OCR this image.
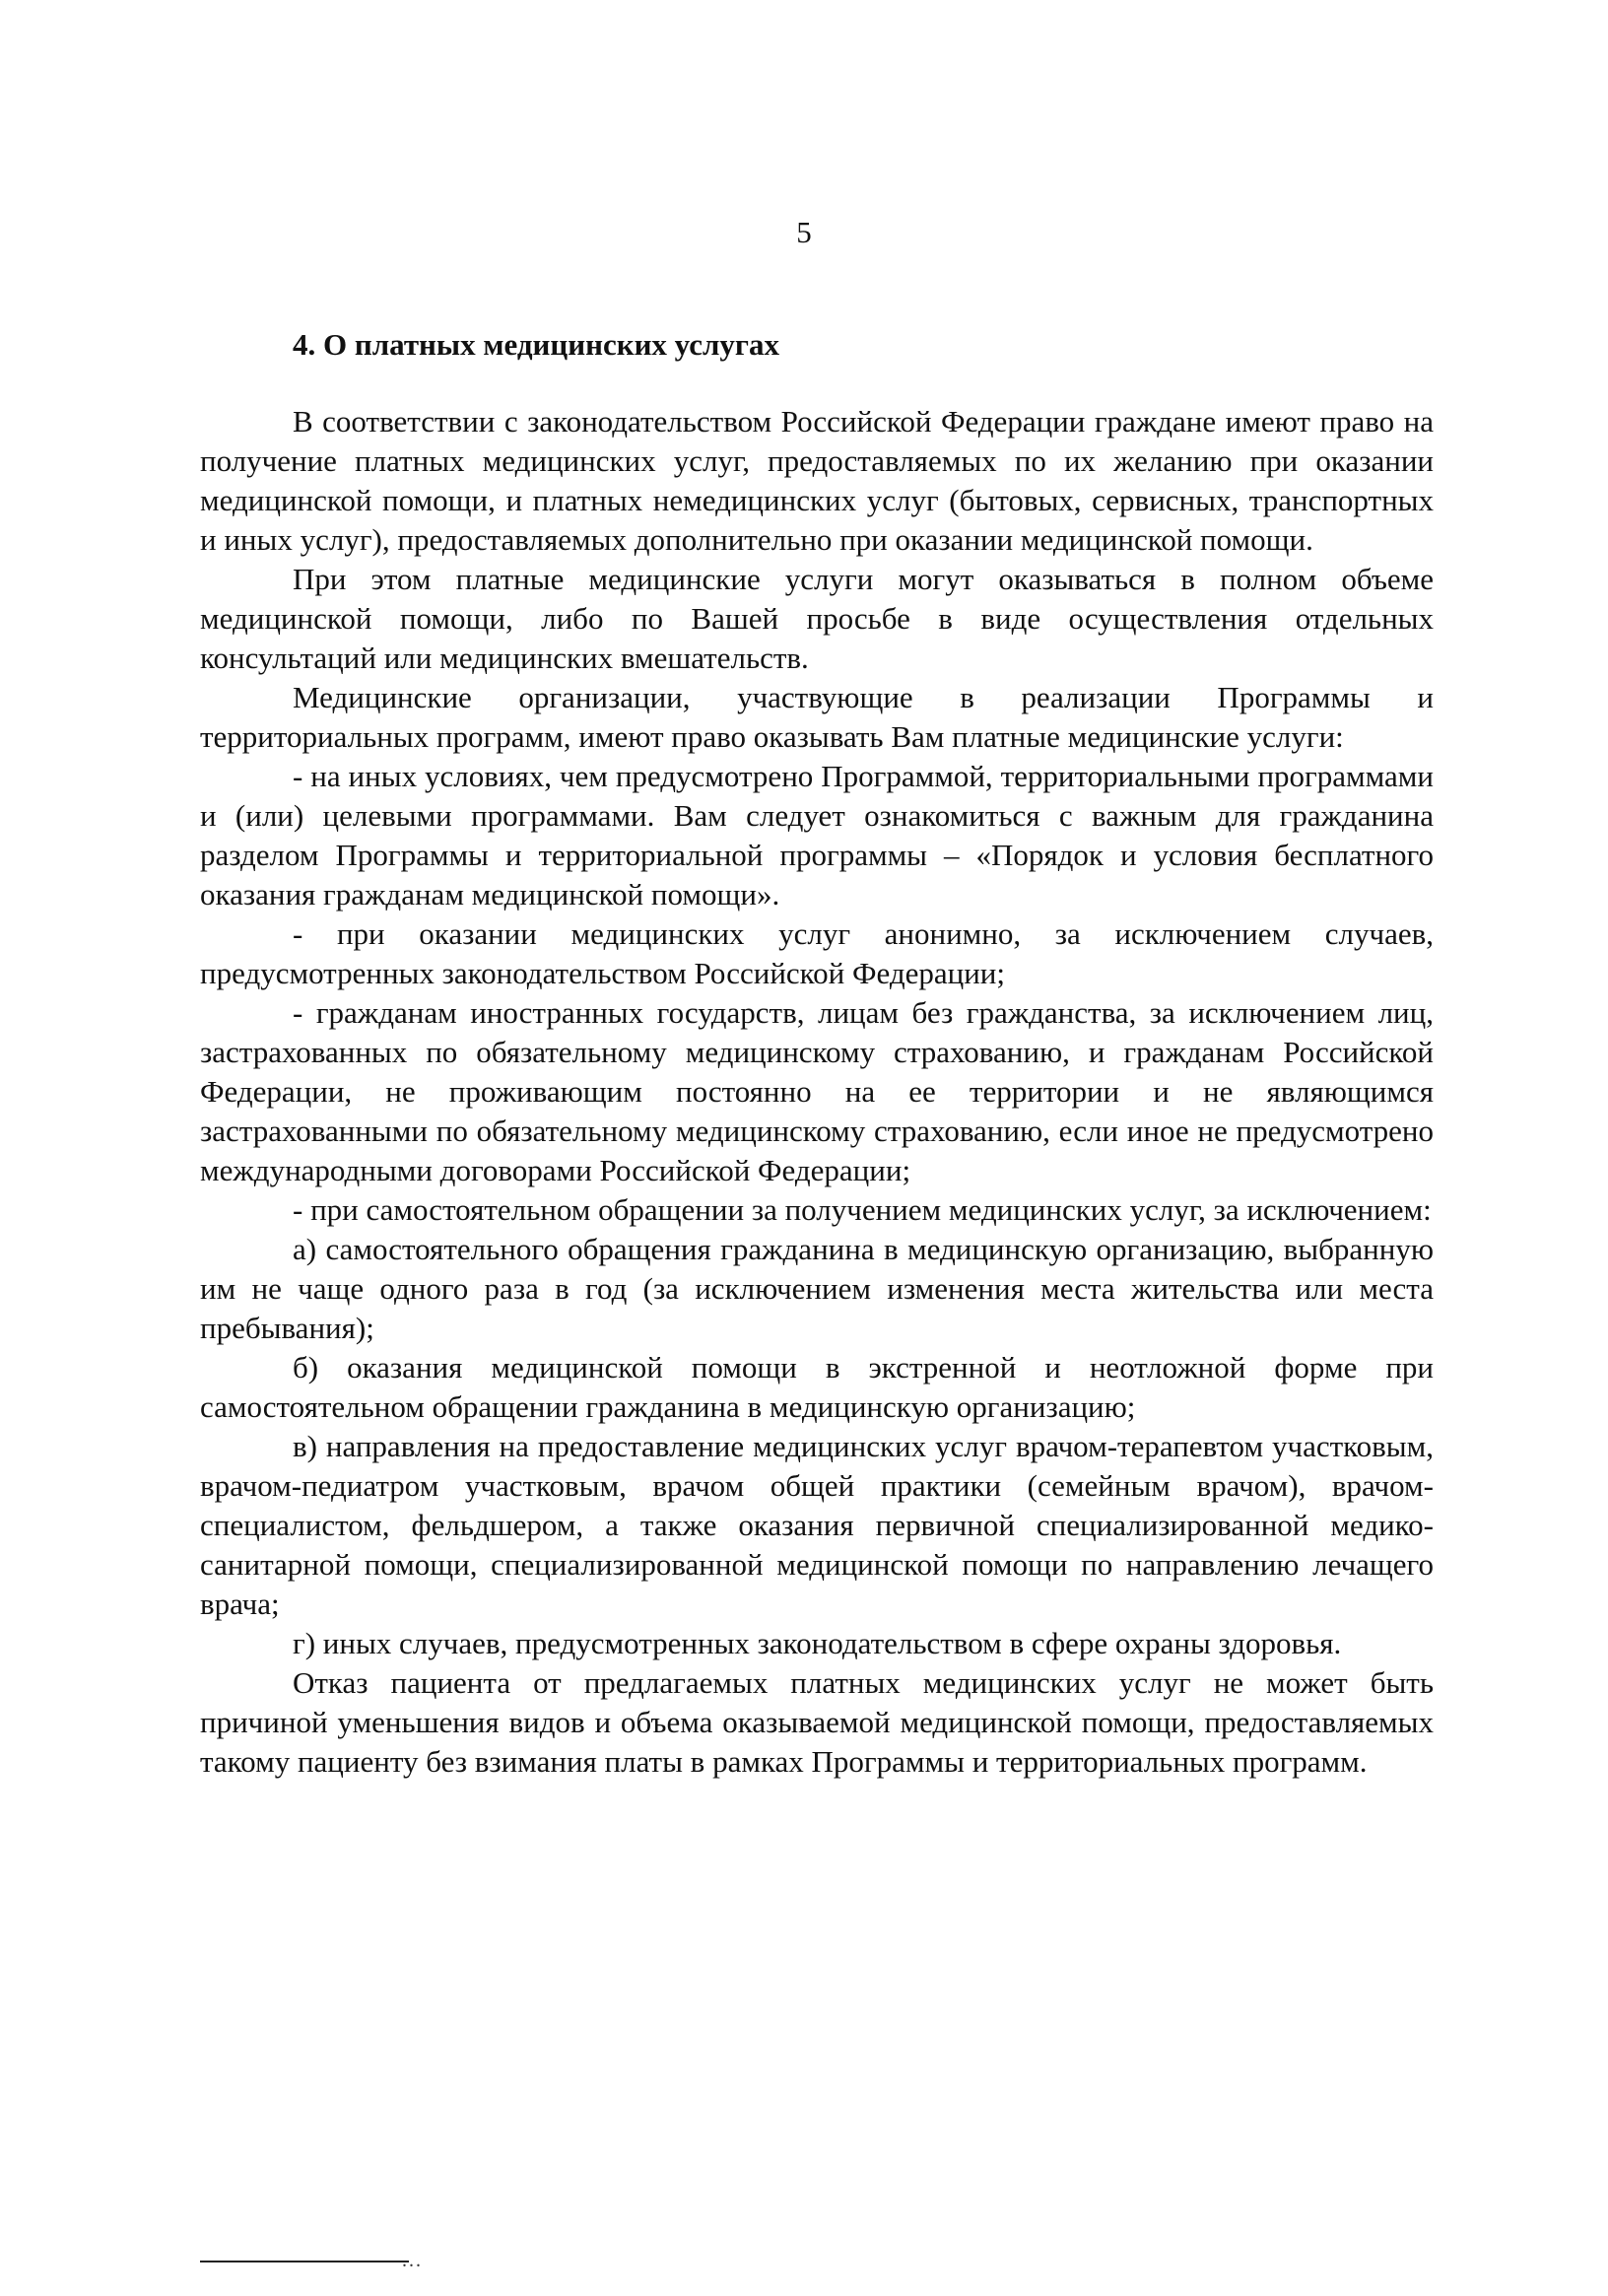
5

4. О платных медицинских услугах

В соответствии с законодательством Российской Федерации граждане имеют право на получение платных медицинских услуг, предоставляемых по их желанию при оказании медицинской помощи, и платных немедицинских услуг (бытовых, сервисных, транспортных и иных услуг), предоставляемых дополнительно при оказании медицинской помощи.

При этом платные медицинские услуги могут оказываться в полном объеме медицинской помощи, либо по Вашей просьбе в виде осуществления отдельных консультаций или медицинских вмешательств.

Медицинские организации, участвующие в реализации Программы и территориальных программ, имеют право оказывать Вам платные медицинские услуги:

- на иных условиях, чем предусмотрено Программой, территориальными программами и (или) целевыми программами. Вам следует ознакомиться с важным для гражданина разделом Программы и территориальной программы – «Порядок и условия бесплатного оказания гражданам медицинской помощи».

- при оказании медицинских услуг анонимно, за исключением случаев, предусмотренных законодательством Российской Федерации;

- гражданам иностранных государств, лицам без гражданства, за исключением лиц, застрахованных по обязательному медицинскому страхованию, и гражданам Российской Федерации, не проживающим постоянно на ее территории и не являющимся застрахованными по обязательному медицинскому страхованию, если иное не предусмотрено международными договорами Российской Федерации;

- при самостоятельном обращении за получением медицинских услуг, за исключением:

а) самостоятельного обращения гражданина в медицинскую организацию, выбранную им не чаще одного раза в год (за исключением изменения места жительства или места пребывания);

б) оказания медицинской помощи в экстренной и неотложной форме при самостоятельном обращении гражданина в медицинскую организацию;

в) направления на предоставление медицинских услуг врачом-терапевтом участковым, врачом-педиатром участковым, врачом общей практики (семейным врачом), врачом-специалистом, фельдшером, а также оказания первичной специализированной медико-санитарной помощи, специализированной медицинской помощи по направлению лечащего врача;

г) иных случаев, предусмотренных законодательством в сфере охраны здоровья.

Отказ пациента от предлагаемых платных медицинских услуг не может быть причиной уменьшения видов и объема оказываемой медицинской помощи, предоставляемых такому пациенту без взимания платы в рамках Программы и территориальных программ.

...
